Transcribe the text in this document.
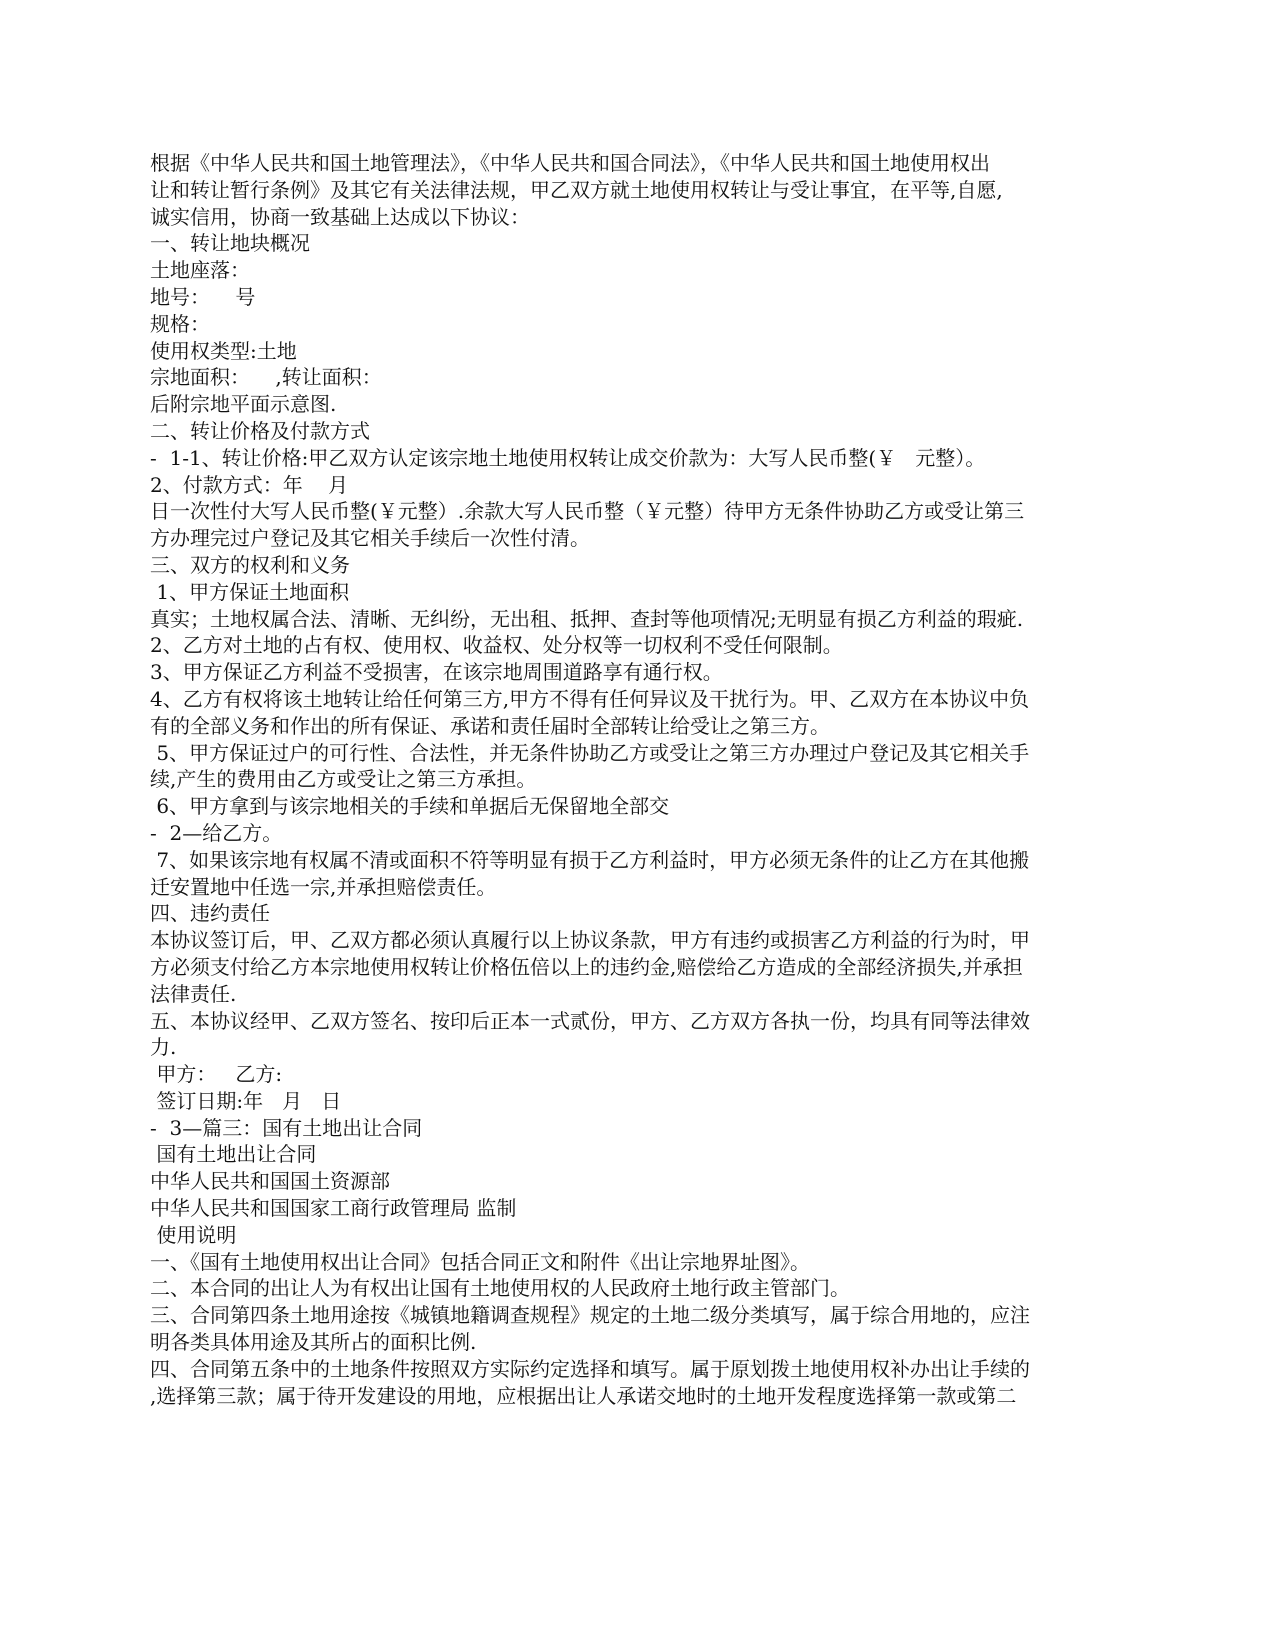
根据《中华人民共和国土地管理法》，《中华人民共和国合同法》，《中华人民共和国土地使用权出
让和转让暂行条例》及其它有关法律法规，甲乙双方就土地使用权转让与受让事宜，在平等,自愿,
诚实信用，协商一致基础上达成以下协议：
一、转让地块概况
土地座落：
地号：    号
规格：
使用权类型:土地
宗地面积：    ,转让面积：
后附宗地平面示意图.
二、转让价格及付款方式
-  1-1、转让价格:甲乙双方认定该宗地土地使用权转让成交价款为：大写人民币整(￥   元整）。
2、付款方式：年    月
日一次性付大写人民币整(￥元整）.余款大写人民币整（￥元整）待甲方无条件协助乙方或受让第三
方办理完过户登记及其它相关手续后一次性付清。
三、双方的权利和义务
1、甲方保证土地面积
真实；土地权属合法、清晰、无纠纷，无出租、抵押、查封等他项情况;无明显有损乙方利益的瑕疵.
2、乙方对土地的占有权、使用权、收益权、处分权等一切权利不受任何限制。
3、甲方保证乙方利益不受损害，在该宗地周围道路享有通行权。
4、乙方有权将该土地转让给任何第三方,甲方不得有任何异议及干扰行为。甲、乙双方在本协议中负
有的全部义务和作出的所有保证、承诺和责任届时全部转让给受让之第三方。
5、甲方保证过户的可行性、合法性，并无条件协助乙方或受让之第三方办理过户登记及其它相关手
续,产生的费用由乙方或受让之第三方承担。
6、甲方拿到与该宗地相关的手续和单据后无保留地全部交
-  2—给乙方。
7、如果该宗地有权属不清或面积不符等明显有损于乙方利益时，甲方必须无条件的让乙方在其他搬
迁安置地中任选一宗,并承担赔偿责任。
四、违约责任
本协议签订后，甲、乙双方都必须认真履行以上协议条款，甲方有违约或损害乙方利益的行为时，甲
方必须支付给乙方本宗地使用权转让价格伍倍以上的违约金,赔偿给乙方造成的全部经济损失,并承担
法律责任.
五、本协议经甲、乙双方签名、按印后正本一式贰份，甲方、乙方双方各执一份，均具有同等法律效
力.
甲方：   乙方:
签订日期:年   月   日
-  3—篇三：国有土地出让合同
国有土地出让合同
中华人民共和国国土资源部
中华人民共和国国家工商行政管理局 监制
使用说明
一、《国有土地使用权出让合同》包括合同正文和附件《出让宗地界址图》。
二、本合同的出让人为有权出让国有土地使用权的人民政府土地行政主管部门。
三、合同第四条土地用途按《城镇地籍调查规程》规定的土地二级分类填写，属于综合用地的，应注
明各类具体用途及其所占的面积比例.
四、合同第五条中的土地条件按照双方实际约定选择和填写。属于原划拨土地使用权补办出让手续的
,选择第三款；属于待开发建设的用地，应根据出让人承诺交地时的土地开发程度选择第一款或第二
